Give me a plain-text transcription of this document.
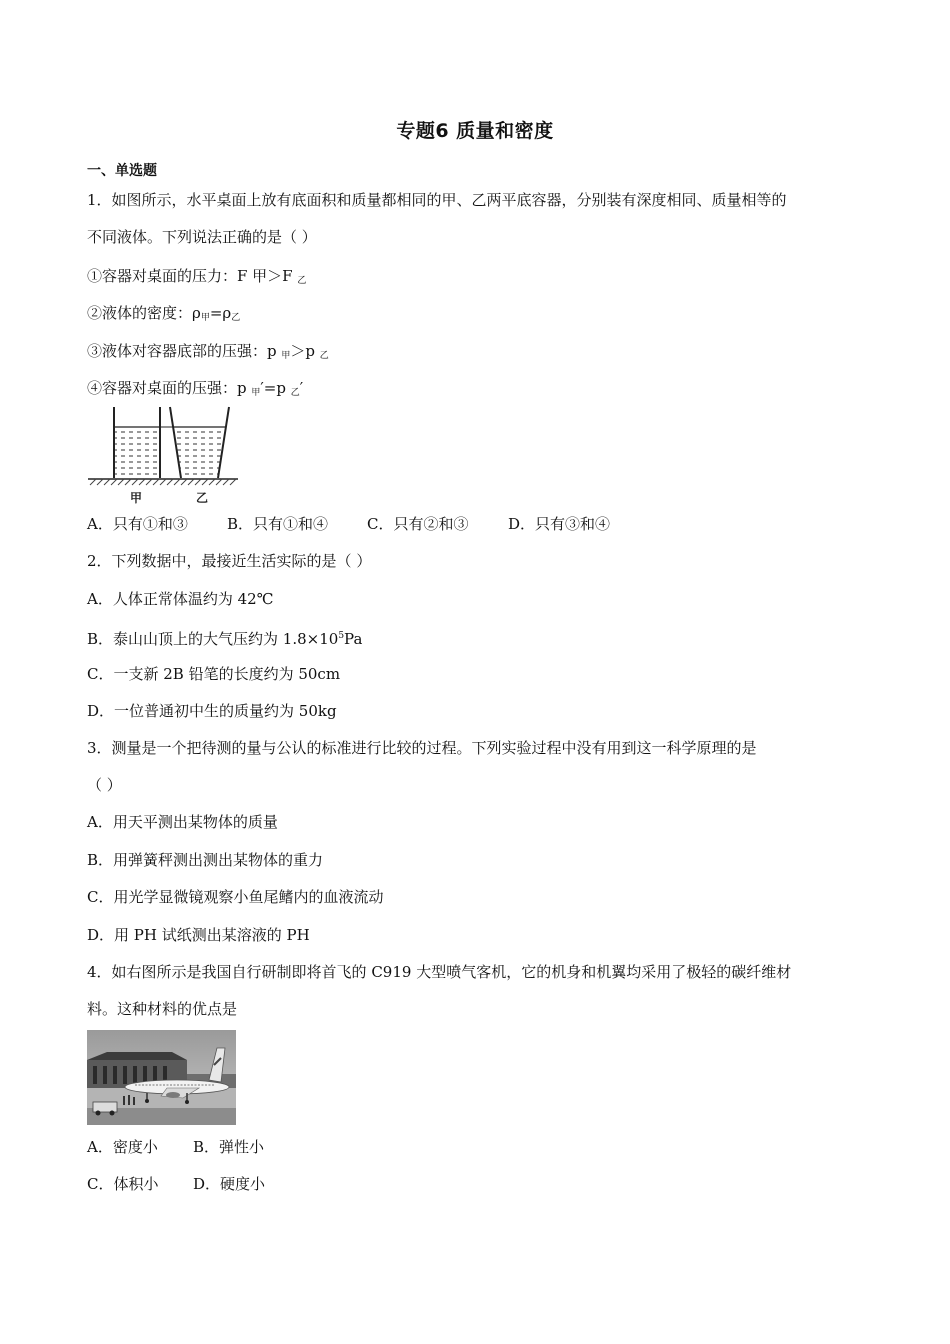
专题6 质量和密度
一、单选题
1．如图所示，水平桌面上放有底面积和质量都相同的甲、乙两平底容器，分别装有深度相同、质量相等的
不同液体。下列说法正确的是（ ）
①容器对桌面的压力：F 甲＞F $_乙$
②液体的密度：$\rho_甲=\rho_乙$
③液体对容器底部的压强：p $_甲$＞p $_乙$
④容器对桌面的压强：p $_甲$′=p $_乙$′
甲	乙
A．只有①和③	B．只有①和④	C．只有②和③	D．只有③和④
2．下列数据中，最接近生活实际的是（ ）
A．人体正常体温约为 42℃
B．泰山山顶上的大气压约为 $1.8\times 10^5Pa$
C．一支新 2B 铅笔的长度约为 50cm
D．一位普通初中生的质量约为 50kg
3．测量是一个把待测的量与公认的标准进行比较的过程。下列实验过程中没有用到这一科学原理的是
（ ）
A．用天平测出某物体的质量
B．用弹簧秤测出测出某物体的重力
C．用光学显微镜观察小鱼尾鳍内的血液流动
D．用 PH 试纸测出某溶液的 PH
4．如右图所示是我国自行研制即将首飞的 C919 大型喷气客机，它的机身和机翼均采用了极轻的碳纤维材
料。这种材料的优点是
A．密度小 B．弹性小
C．体积小 D．硬度小
